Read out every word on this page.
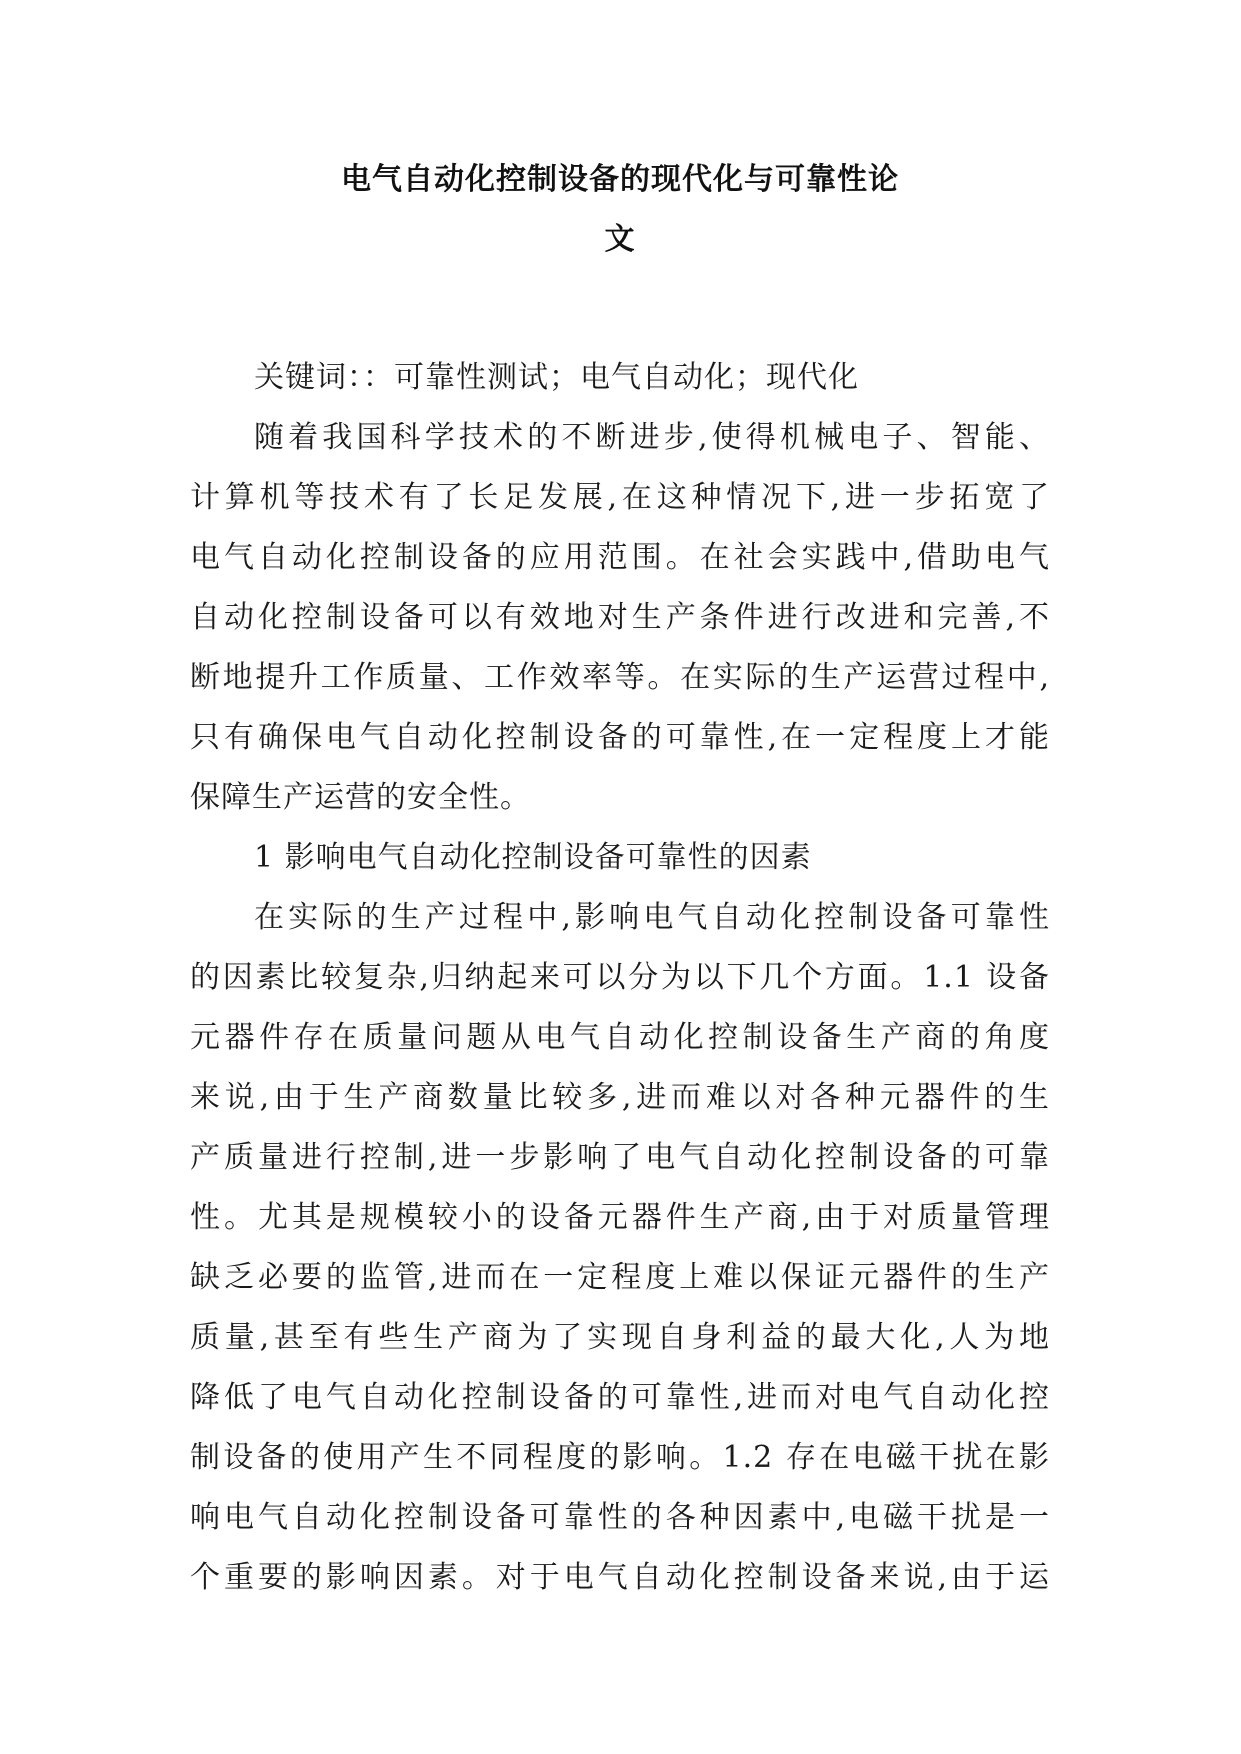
电气自动化控制设备的现代化与可靠性论
文
关键词：：可靠性测试；电气自动化；现代化
随着我国科学技术的不断进步,使得机械电子、智能、
计算机等技术有了长足发展,在这种情况下,进一步拓宽了
电气自动化控制设备的应用范围。在社会实践中,借助电气
自动化控制设备可以有效地对生产条件进行改进和完善,不
断地提升工作质量、工作效率等。在实际的生产运营过程中,
只有确保电气自动化控制设备的可靠性,在一定程度上才能
保障生产运营的安全性。
1 影响电气自动化控制设备可靠性的因素
在实际的生产过程中,影响电气自动化控制设备可靠性
的因素比较复杂,归纳起来可以分为以下几个方面。1.1 设备
元器件存在质量问题从电气自动化控制设备生产商的角度
来说,由于生产商数量比较多,进而难以对各种元器件的生
产质量进行控制,进一步影响了电气自动化控制设备的可靠
性。尤其是规模较小的设备元器件生产商,由于对质量管理
缺乏必要的监管,进而在一定程度上难以保证元器件的生产
质量,甚至有些生产商为了实现自身利益的最大化,人为地
降低了电气自动化控制设备的可靠性,进而对电气自动化控
制设备的使用产生不同程度的影响。1.2 存在电磁干扰在影
响电气自动化控制设备可靠性的各种因素中,电磁干扰是一
个重要的影响因素。对于电气自动化控制设备来说,由于运
